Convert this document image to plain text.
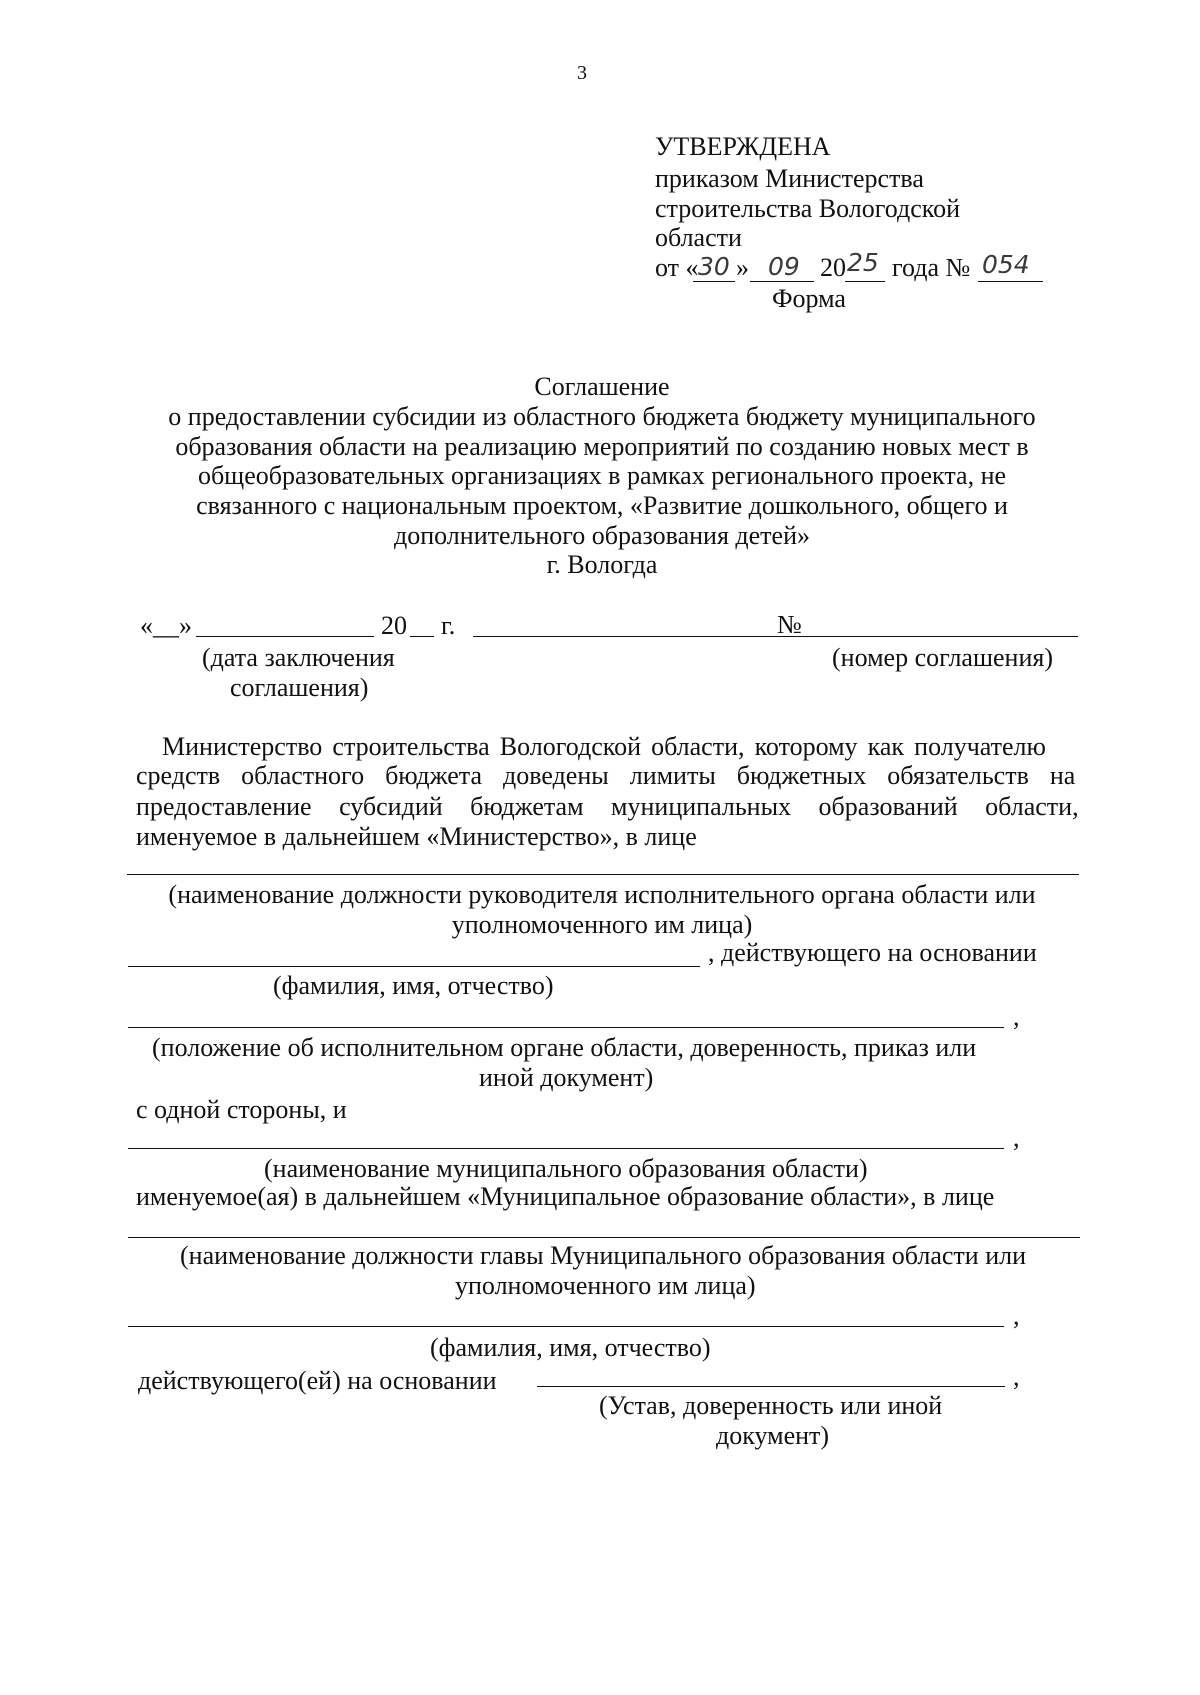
3
УТВЕРЖДЕНА
приказом Министерства
строительства Вологодской
области
от « 30 » 09 20 25 года № 054
Форма
Соглашение
о предоставлении субсидии из областного бюджета бюджету муниципального
образования области на реализацию мероприятий по созданию новых мест в
общеобразовательных организациях в рамках регионального проекта, не
связанного с национальным проектом, «Развитие дошкольного, общего и
дополнительного образования детей»
г. Вологда
«__»	20 г.	№
(дата заключения
соглашения)
(номер соглашения)
Министерство строительства Вологодской области, которому как получателю
средств областного бюджета доведены лимиты бюджетных обязательств на
предоставление субсидий бюджетам муниципальных образований области,
именуемое в дальнейшем «Министерство», в лице
(наименование должности руководителя исполнительного органа области или
уполномоченного им лица)
, действующего на основании
(фамилия, имя, отчество)
,
(положение об исполнительном органе области, доверенность, приказ или
иной документ)
с одной стороны, и
,
(наименование муниципального образования области)
именуемое(ая) в дальнейшем «Муниципальное образование области», в лице
(наименование должности главы Муниципального образования области или
уполномоченного им лица)
,
(фамилия, имя, отчество)
действующего(ей) на основании	,
(Устав, доверенность или иной
документ)
